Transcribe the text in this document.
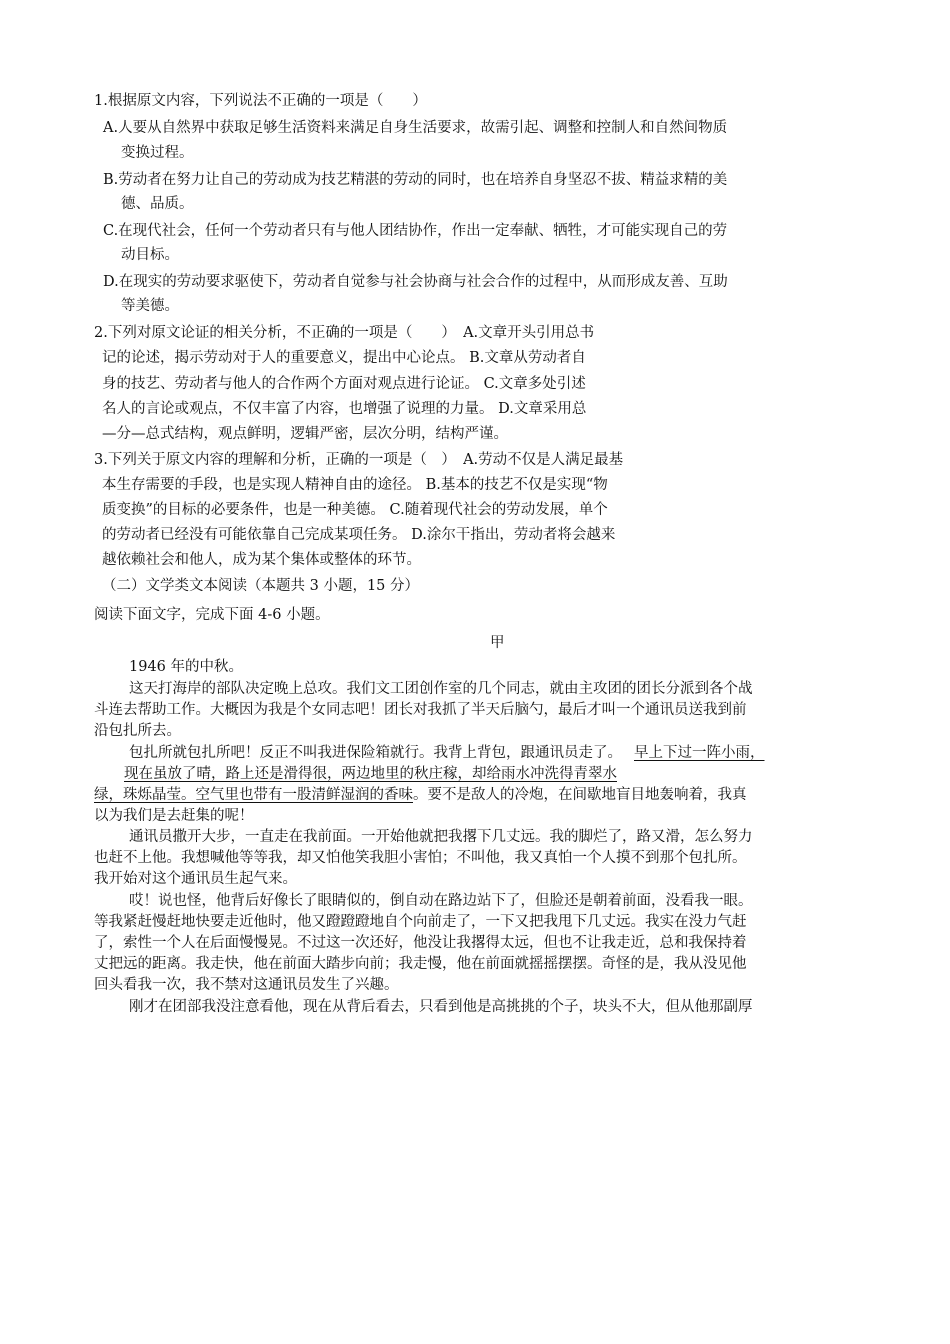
1.根据原文内容，下列说法不正确的一项是（　　）
A.人要从自然界中获取足够生活资料来满足自身生活要求，故需引起、调整和控制人和自然间物质
变换过程。
B.劳动者在努力让自己的劳动成为技艺精湛的劳动的同时，也在培养自身坚忍不拔、精益求精的美
德、品质。
C.在现代社会，任何一个劳动者只有与他人团结协作，作出一定奉献、牺牲，才可能实现自己的劳
动目标。
D.在现实的劳动要求驱使下，劳动者自觉参与社会协商与社会合作的过程中，从而形成友善、互助
等美德。
2.下列对原文论证的相关分析，不正确的一项是（　　）　A.文章开头引用总书
记的论述，揭示劳动对于人的重要意义，提出中心论点。 B.文章从劳动者自
身的技艺、劳动者与他人的合作两个方面对观点进行论证。 C.文章多处引述
名人的言论或观点，不仅丰富了内容，也增强了说理的力量。 D.文章采用总
—分—总式结构，观点鲜明，逻辑严密，层次分明，结构严谨。
3.下列关于原文内容的理解和分析，正确的一项是（　）　A.劳动不仅是人满足最基
本生存需要的手段，也是实现人精神自由的途径。 B.基本的技艺不仅是实现“物
质变换”的目标的必要条件，也是一种美德。 C.随着现代社会的劳动发展，单个
的劳动者已经没有可能依靠自己完成某项任务。 D.涂尔干指出，劳动者将会越来
越依赖社会和他人，成为某个集体或整体的环节。
（二）文学类文本阅读（本题共 3 小题，15 分）
阅读下面文字，完成下面 4-6 小题。
甲
1946 年的中秋。
这天打海岸的部队决定晚上总攻。我们文工团创作室的几个同志，就由主攻团的团长分派到各个战
斗连去帮助工作。大概因为我是个女同志吧！团长对我抓了半天后脑勺，最后才叫一个通讯员送我到前
沿包扎所去。
包扎所就包扎所吧！反正不叫我进保险箱就行。我背上背包，跟通讯员走了。 早上下过一阵小雨，
现在虽放了晴，路上还是滑得很，两边地里的秋庄稼，却给雨水冲洗得青翠水
绿，珠烁晶莹。空气里也带有一股清鲜湿润的香味。要不是敌人的冷炮，在间歇地盲目地轰响着，我真
以为我们是去赶集的呢！
通讯员撒开大步，一直走在我前面。一开始他就把我撂下几丈远。我的脚烂了，路又滑，怎么努力
也赶不上他。我想喊他等等我，却又怕他笑我胆小害怕；不叫他，我又真怕一个人摸不到那个包扎所。
我开始对这个通讯员生起气来。
哎！说也怪，他背后好像长了眼睛似的，倒自动在路边站下了，但脸还是朝着前面，没看我一眼。
等我紧赶慢赶地快要走近他时，他又蹬蹬蹬地自个向前走了，一下又把我甩下几丈远。我实在没力气赶
了，索性一个人在后面慢慢晃。不过这一次还好，他没让我撂得太远，但也不让我走近，总和我保持着
丈把远的距离。我走快，他在前面大踏步向前；我走慢，他在前面就摇摇摆摆。奇怪的是，我从没见他
回头看我一次，我不禁对这通讯员发生了兴趣。
刚才在团部我没注意看他，现在从背后看去，只看到他是高挑挑的个子，块头不大，但从他那副厚
